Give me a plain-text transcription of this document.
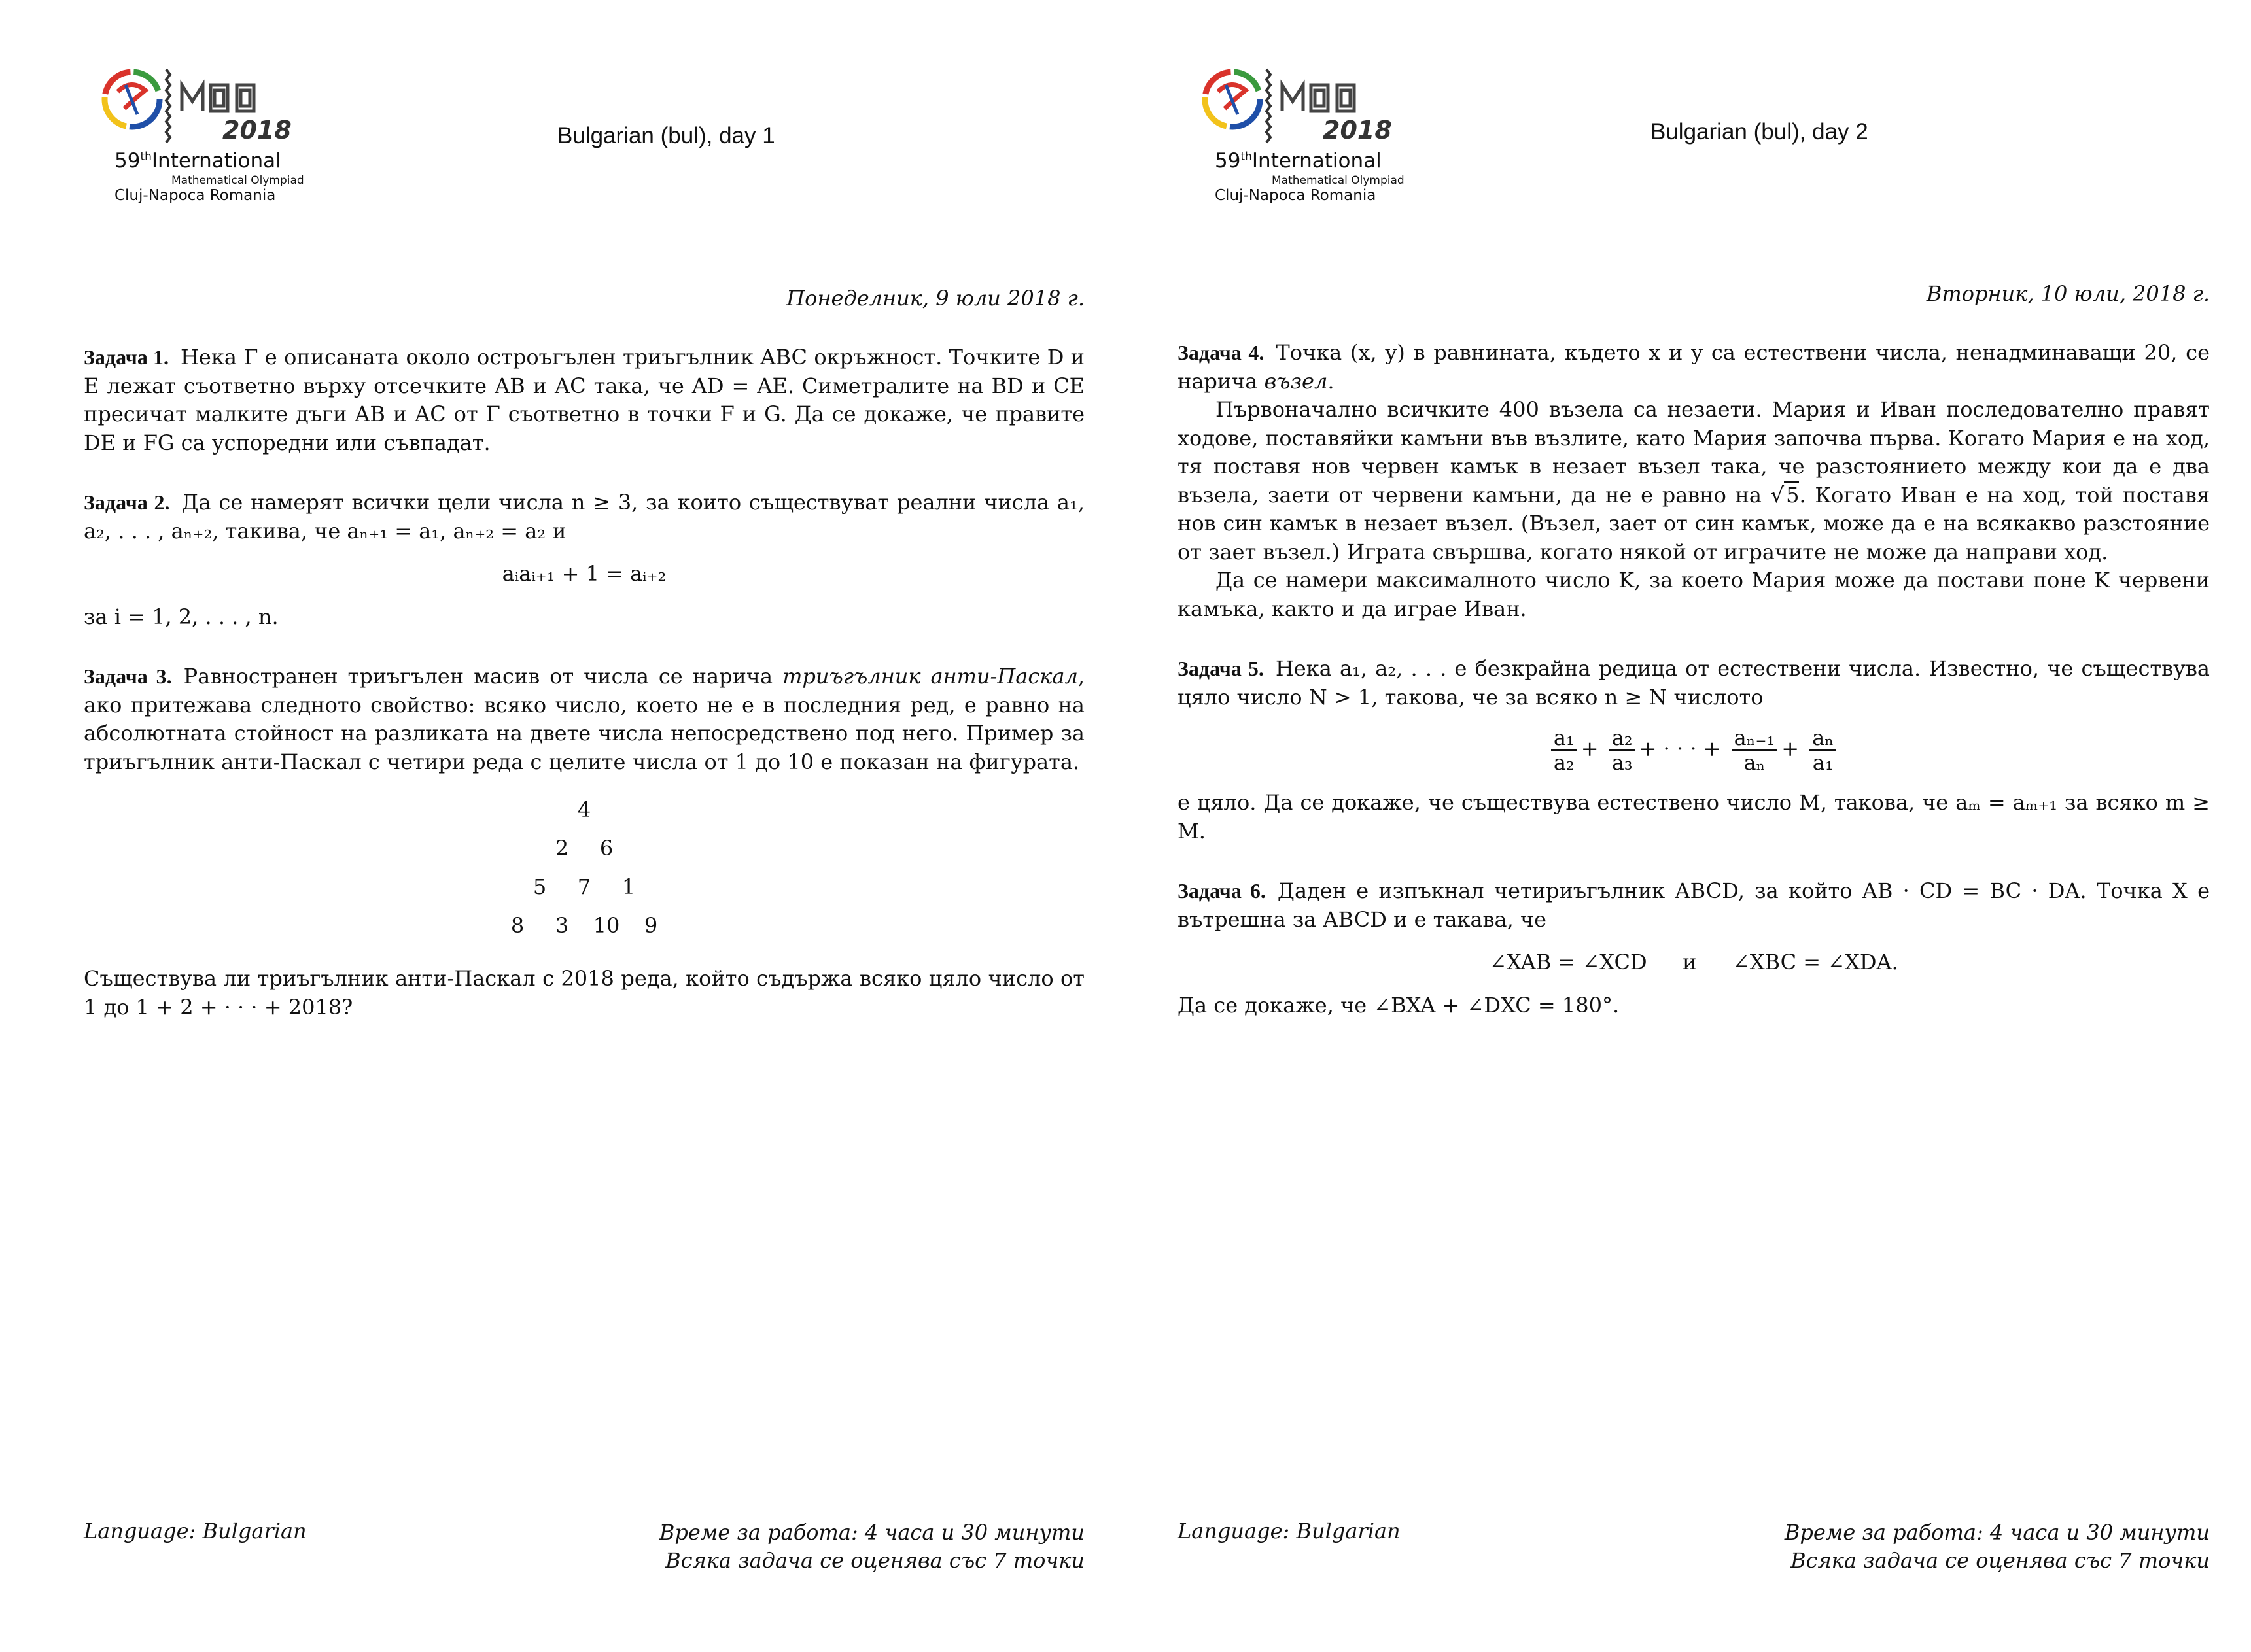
2018
59thInternational
Mathematical Olympiad
Cluj-Napoca Romania
Bulgarian (bul), day 1
Понеделник, 9 юли 2018 г.

Задача 1. Нека Γ е описаната около остроъгълен триъгълник ABC окръжност. Точките D и E лежат съответно върху отсечките AB и AC така, че AD = AE. Симетралите на BD и CE пресичат малките дъги AB и AC от Γ съответно в точки F и G. Да се докаже, че правите DE и FG са успоредни или съвпадат.

Задача 2. Да се намерят всички цели числа n ≥ 3, за които съществуват реални числа a₁, a₂, . . . , aₙ₊₂, такива, че aₙ₊₁ = a₁, aₙ₊₂ = a₂ и

aᵢaᵢ₊₁ + 1 = aᵢ₊₂

за i = 1, 2, . . . , n.

Задача 3. Равностранен триъгълен масив от числа се нарича триъгълник анти-Паскал, ако притежава следното свойство: всяко число, което не е в последния ред, е равно на абсолютната стойност на разликата на двете числа непосредствено под него. Пример за триъгълник анти-Паскал с четири реда с целите числа от 1 до 10 е показан на фигурата.

4
2	6
5	7	1
8	3	10	9

Съществува ли триъгълник анти-Паскал с 2018 реда, който съдържа всяко цяло число от 1 до 1 + 2 + · · · + 2018?

Language: Bulgarian	Време за работа: 4 часа и 30 минути
Всяка задача се оценява със 7 точки
2018
59thInternational
Mathematical Olympiad
Cluj-Napoca Romania
Bulgarian (bul), day 2
Вторник, 10 юли, 2018 г.

Задача 4. Точка (x, y) в равнината, където x и y са естествени числа, ненадминаващи 20, се нарича възел.

Първоначално всичките 400 възела са незаети. Мария и Иван последователно правят ходове, поставяйки камъни във възлите, като Мария започва първа. Когато Мария е на ход, тя поставя нов червен камък в незает възел така, че разстоянието между кои да е два възела, заети от червени камъни, да не е равно на √5. Когато Иван е на ход, той поставя нов син камък в незает възел. (Възел, зает от син камък, може да е на всякакво разстояние от зает възел.) Играта свършва, когато някой от играчите не може да направи ход.

Да се намери максималното число K, за което Мария може да постави поне K червени камъка, както и да играе Иван.

Задача 5. Нека a₁, a₂, . . . е безкрайна редица от естествени числа. Известно, че съществува цяло число N > 1, такова, че за всяко n ≥ N числото

$\frac{\text{a₁}}{\text{a₂}} + \frac{\text{a₂}}{\text{a₃}}$ + · · · + $\frac{\text{aₙ₋₁}}{\text{aₙ}} + \frac{\text{aₙ}}{\text{a₁}}$

е цяло. Да се докаже, че съществува естествено число M, такова, че aₘ = aₘ₊₁ за всяко m ≥ M.

Задача 6. Даден е изпъкнал четириъгълник ABCD, за който AB · CD = BC · DA. Точка X е вътрешна за ABCD и е такава, че

∠XAB = ∠XCD и ∠XBC = ∠XDA.

Да се докаже, че ∠BXA + ∠DXC = 180°.

Language: Bulgarian	Време за работа: 4 часа и 30 минути
Всяка задача се оценява със 7 точки
